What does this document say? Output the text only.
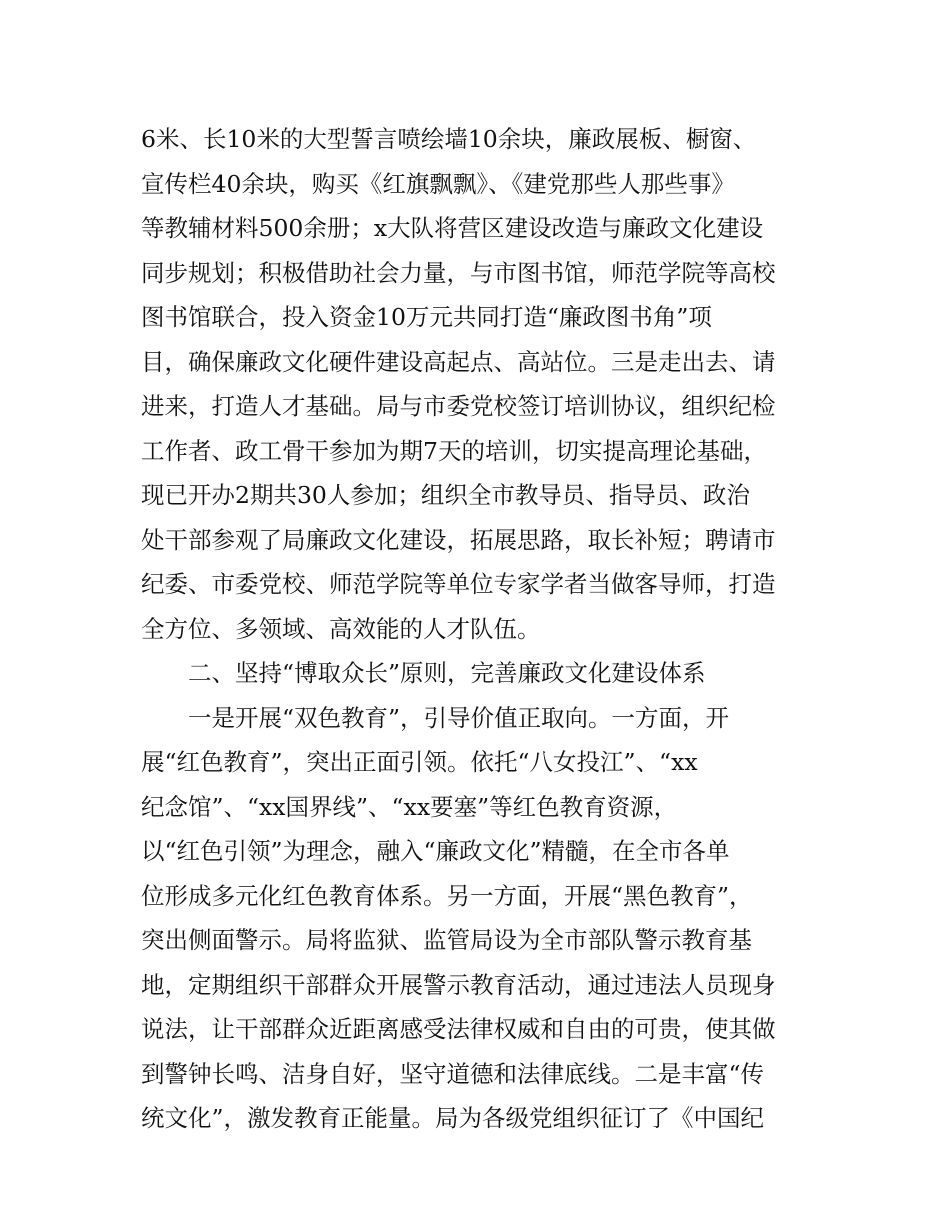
6米、长10米的大型誓言喷绘墙10余块，廉政展板、橱窗、
宣传栏40余块，购买《红旗飘飘》、《建党那些人那些事》
等教辅材料500余册；x大队将营区建设改造与廉政文化建设
同步规划；积极借助社会力量，与市图书馆，师范学院等高校
图书馆联合，投入资金10万元共同打造“廉政图书角”项
目，确保廉政文化硬件建设高起点、高站位。三是走出去、请
进来，打造人才基础。局与市委党校签订培训协议，组织纪检
工作者、政工骨干参加为期7天的培训，切实提高理论基础，
现已开办2期共30人参加；组织全市教导员、指导员、政治
处干部参观了局廉政文化建设，拓展思路，取长补短；聘请市
纪委、市委党校、师范学院等单位专家学者当做客导师，打造
全方位、多领域、高效能的人才队伍。
　　二、坚持“博取众长”原则，完善廉政文化建设体系
　　一是开展“双色教育”，引导价值正取向。一方面，开
展“红色教育”，突出正面引领。依托“八女投江”、“xx
纪念馆”、“xx国界线”、“xx要塞”等红色教育资源，
以“红色引领”为理念，融入“廉政文化”精髓，在全市各单
位形成多元化红色教育体系。另一方面，开展“黑色教育”，
突出侧面警示。局将监狱、监管局设为全市部队警示教育基
地，定期组织干部群众开展警示教育活动，通过违法人员现身
说法，让干部群众近距离感受法律权威和自由的可贵，使其做
到警钟长鸣、洁身自好，坚守道德和法律底线。二是丰富“传
统文化”，激发教育正能量。局为各级党组织征订了《中国纪
